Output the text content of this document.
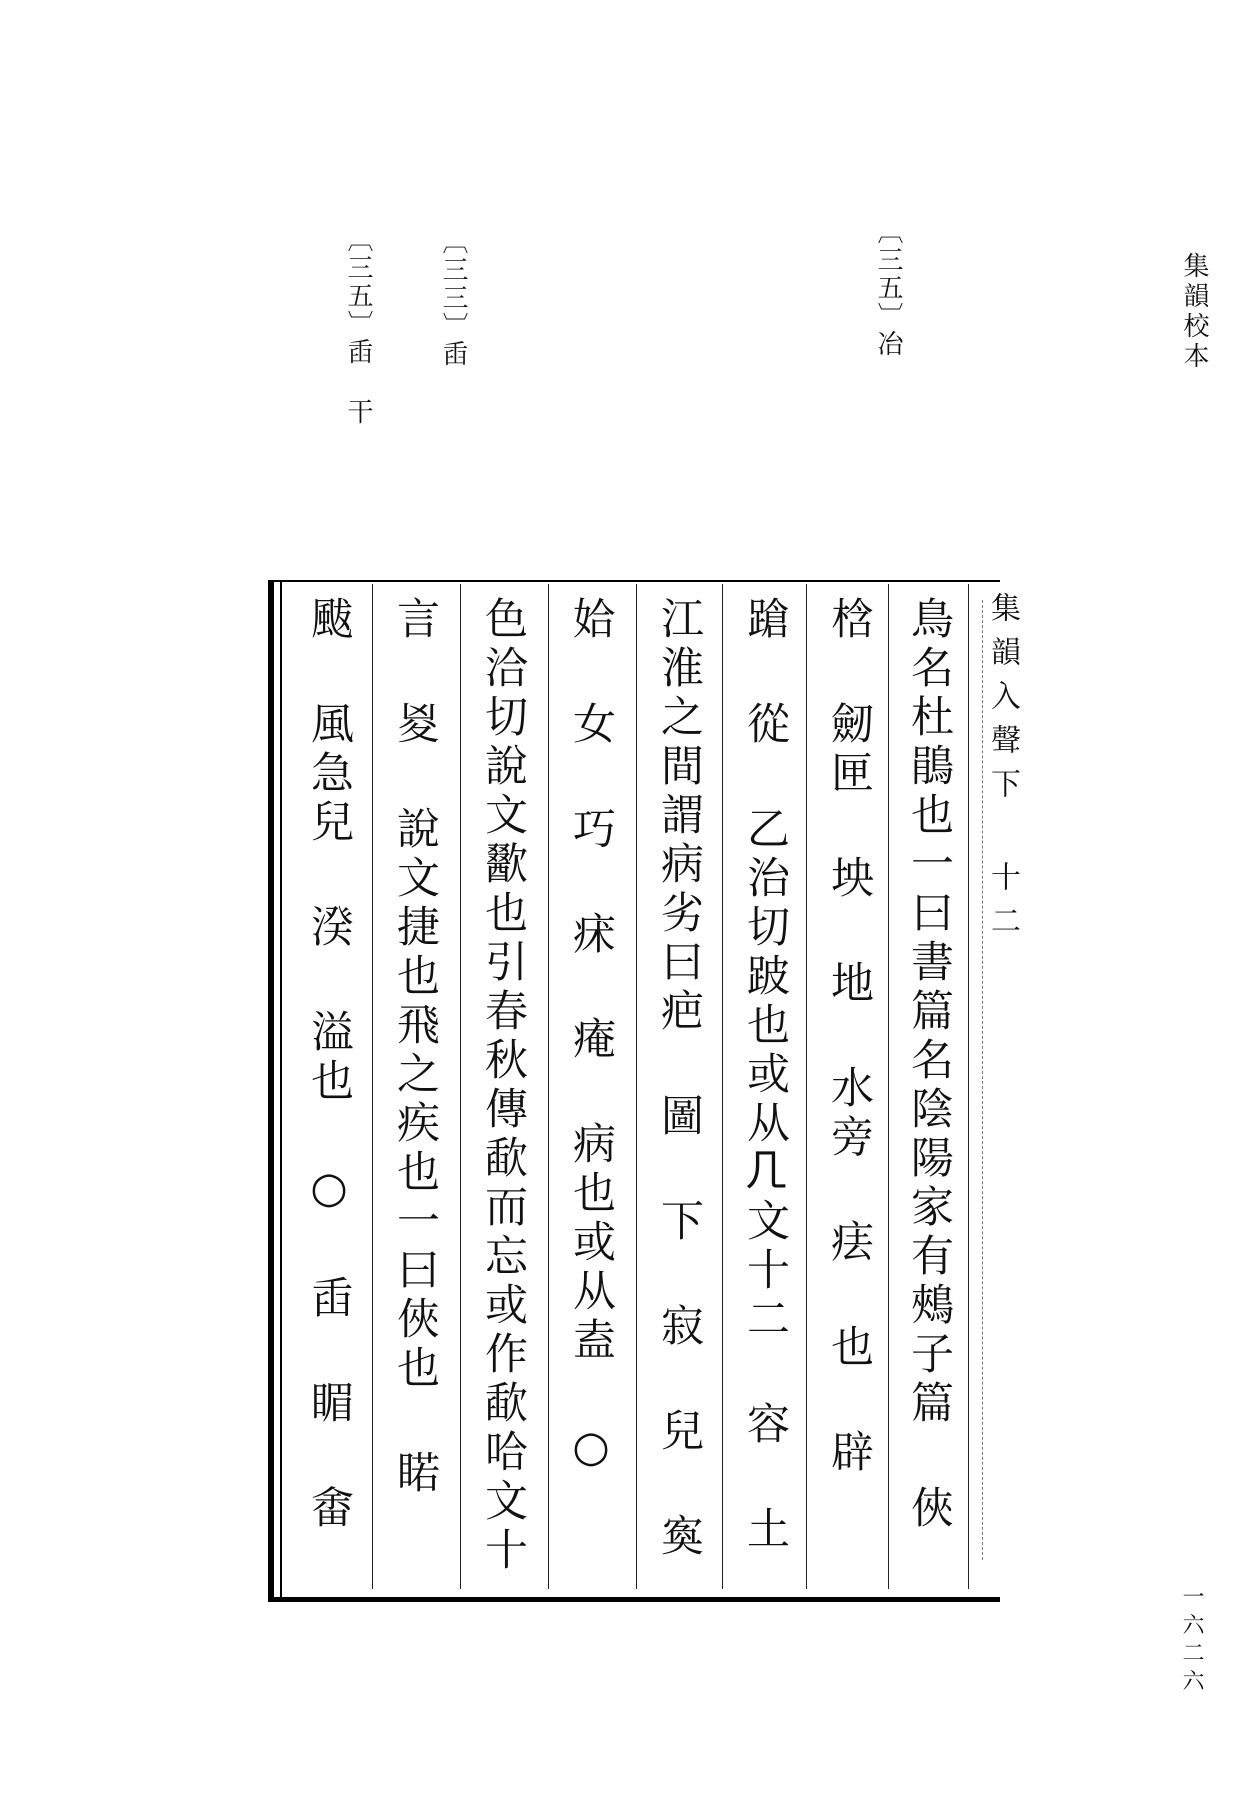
集韻校本
一六二六
〔三五〕冶
〔三三〕臿
〔三五〕臿 干
集韻入聲下 十二
鳥名杜鵑也一曰書篇名陰陽家有鵊子篇 俠
梒 劒匣 坱 地 水旁 㾀 也 辟
蹌 從 乙治切跛也或从𠘧文十二 容 土
江淮之間謂病劣曰疤 圖 下 寂 兒 寏
姶 女 巧 㾁 痷 病也或从盍 ○
色洽切說文歠也引春秋傳歃而忘或作歃哈文十
言 㚇 說文捷也飛之疾也一曰俠也 睰
颰 風急兒 湀 溢也 ○ 臿 睸 畬
